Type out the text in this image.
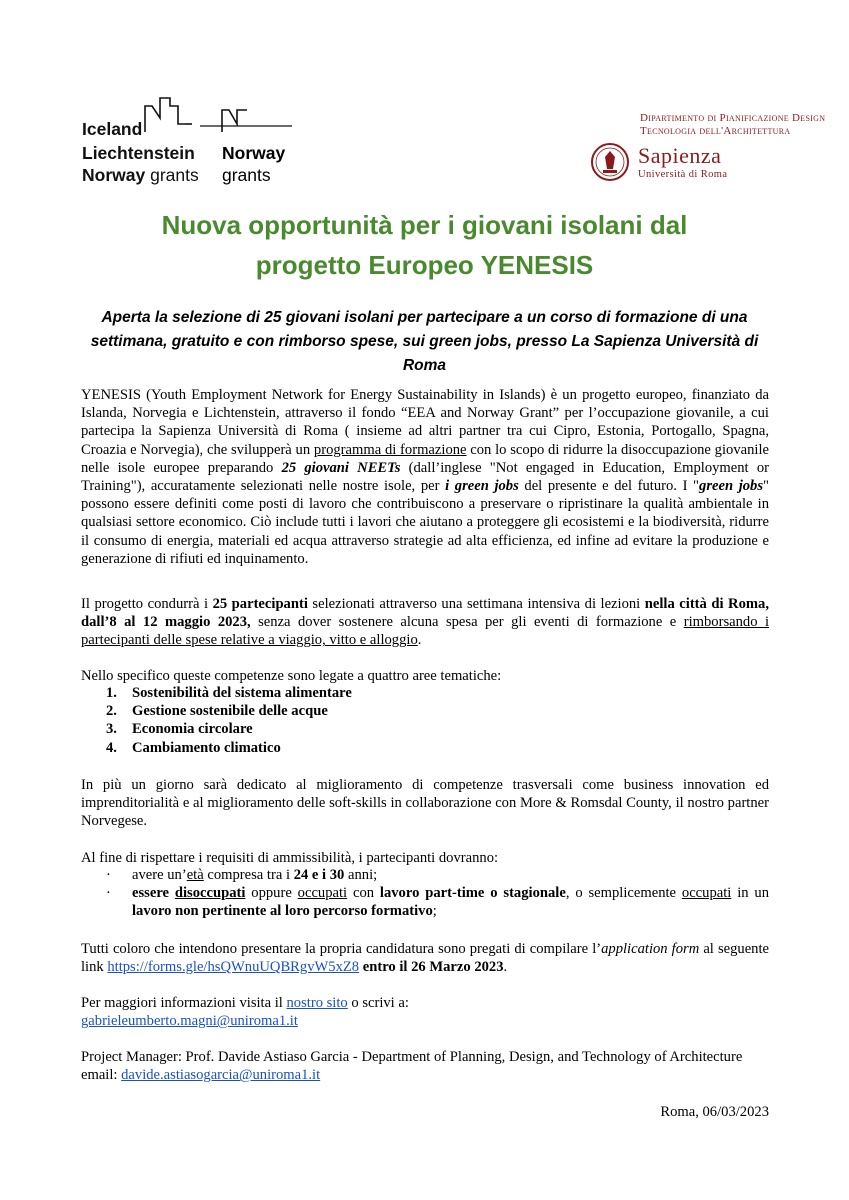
Iceland
Liechtenstein
Norway grants
Norway
grants
Dipartimento di Pianificazione Design
Tecnologia dell'Architettura
Sapienza
Università di Roma
Nuova opportunità per i giovani isolani dal
progetto Europeo YENESIS
Aperta la selezione di 25 giovani isolani per partecipare a un corso di formazione di una
settimana, gratuito e con rimborso spese, sui green jobs, presso La Sapienza Università di
Roma

YENESIS (Youth Employment Network for Energy Sustainability in Islands) è un progetto europeo, finanziato da Islanda, Norvegia e Lichtenstein, attraverso il fondo “EEA and Norway Grant” per l’occupazione giovanile, a cui partecipa la Sapienza Università di Roma ( insieme ad altri partner tra cui Cipro, Estonia, Portogallo, Spagna, Croazia e Norvegia), che svilupperà un programma di formazione con lo scopo di ridurre la disoccupazione giovanile nelle isole europee preparando 25 giovani NEETs (dall’inglese "Not engaged in Education, Employment or Training"), accuratamente selezionati nelle nostre isole, per i green jobs del presente e del futuro. I "green jobs" possono essere definiti come posti di lavoro che contribuiscono a preservare o ripristinare la qualità ambientale in qualsiasi settore economico. Ciò include tutti i lavori che aiutano a proteggere gli ecosistemi e la biodiversità, ridurre il consumo di energia, materiali ed acqua attraverso strategie ad alta efficienza, ed infine ad evitare la produzione e generazione di rifiuti ed inquinamento.

Il progetto condurrà i 25 partecipanti selezionati attraverso una settimana intensiva di lezioni nella città di Roma, dall’8 al 12 maggio 2023, senza dover sostenere alcuna spesa per gli eventi di formazione e rimborsando i partecipanti delle spese relative a viaggio, vitto e alloggio.

Nello specifico queste competenze sono legate a quattro aree tematiche:

1. Sostenibilità del sistema alimentare
2. Gestione sostenibile delle acque
3. Economia circolare
4. Cambiamento climatico

In più un giorno sarà dedicato al miglioramento di competenze trasversali come business innovation ed imprenditorialità e al miglioramento delle soft-skills in collaborazione con More & Romsdal County, il nostro partner Norvegese.

Al fine di rispettare i requisiti di ammissibilità, i partecipanti dovranno:

· avere un’età compresa tra i 24 e i 30 anni;
· essere disoccupati oppure occupati con lavoro part-time o stagionale, o semplicemente occupati in un lavoro non pertinente al loro percorso formativo;

Tutti coloro che intendono presentare la propria candidatura sono pregati di compilare l’application form al seguente link https://forms.gle/hsQWnuUQBRgvW5xZ8 entro il 26 Marzo 2023.

Per maggiori informazioni visita il nostro sito o scrivi a:
gabrieleumberto.magni@uniroma1.it

Project Manager: Prof. Davide Astiaso Garcia - Department of Planning, Design, and Technology of Architecture
email: davide.astiasogarcia@uniroma1.it

Roma, 06/03/2023
